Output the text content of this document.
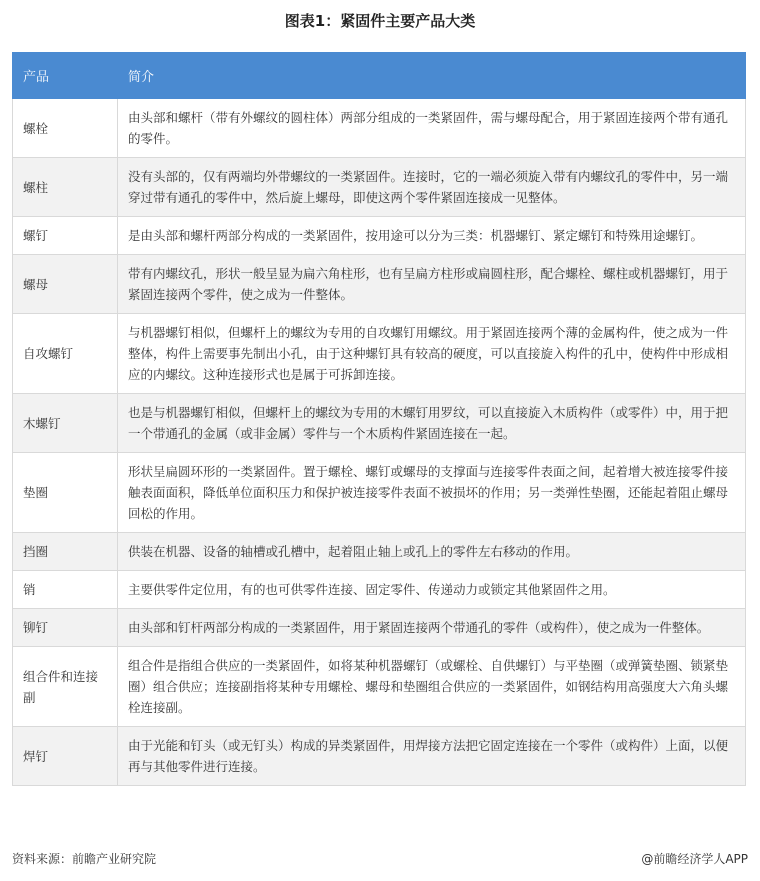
图表1：紧固件主要产品大类
产品	简介
螺栓	由头部和螺杆（带有外螺纹的圆柱体）两部分组成的一类紧固件，需与螺母配合，用于紧固连接两个带有通孔的零件。
螺柱	没有头部的，仅有两端均外带螺纹的一类紧固件。连接时，它的一端必须旋入带有内螺纹孔的零件中，另一端穿过带有通孔的零件中，然后旋上螺母，即使这两个零件紧固连接成一见整体。
螺钉	是由头部和螺杆两部分构成的一类紧固件，按用途可以分为三类：机器螺钉、紧定螺钉和特殊用途螺钉。
螺母	带有内螺纹孔，形状一般呈显为扁六角柱形，也有呈扁方柱形或扁圆柱形，配合螺栓、螺柱或机器螺钉，用于紧固连接两个零件，使之成为一件整体。
自攻螺钉	与机器螺钉相似，但螺杆上的螺纹为专用的自攻螺钉用螺纹。用于紧固连接两个薄的金属构件，使之成为一件整体，构件上需要事先制出小孔，由于这种螺钉具有较高的硬度，可以直接旋入构件的孔中，使构件中形成相应的内螺纹。这种连接形式也是属于可拆卸连接。
木螺钉	也是与机器螺钉相似，但螺杆上的螺纹为专用的木螺钉用罗纹，可以直接旋入木质构件（或零件）中，用于把一个带通孔的金属（或非金属）零件与一个木质构件紧固连接在一起。
垫圈	形状呈扁圆环形的一类紧固件。置于螺栓、螺钉或螺母的支撑面与连接零件表面之间，起着增大被连接零件接触表面面积，降低单位面积压力和保护被连接零件表面不被损坏的作用；另一类弹性垫圈，还能起着阻止螺母回松的作用。
挡圈	供装在机器、设备的轴槽或孔槽中，起着阻止轴上或孔上的零件左右移动的作用。
销	主要供零件定位用，有的也可供零件连接、固定零件、传递动力或锁定其他紧固件之用。
铆钉	由头部和钉杆两部分构成的一类紧固件，用于紧固连接两个带通孔的零件（或构件），使之成为一件整体。
组合件和连接副	组合件是指组合供应的一类紧固件，如将某种机器螺钉（或螺栓、自供螺钉）与平垫圈（或弹簧垫圈、锁紧垫圈）组合供应；连接副指将某种专用螺栓、螺母和垫圈组合供应的一类紧固件，如钢结构用高强度大六角头螺栓连接副。
焊钉	由于光能和钉头（或无钉头）构成的异类紧固件，用焊接方法把它固定连接在一个零件（或构件）上面，以便再与其他零件进行连接。
资料来源：前瞻产业研究院	@前瞻经济学人APP
